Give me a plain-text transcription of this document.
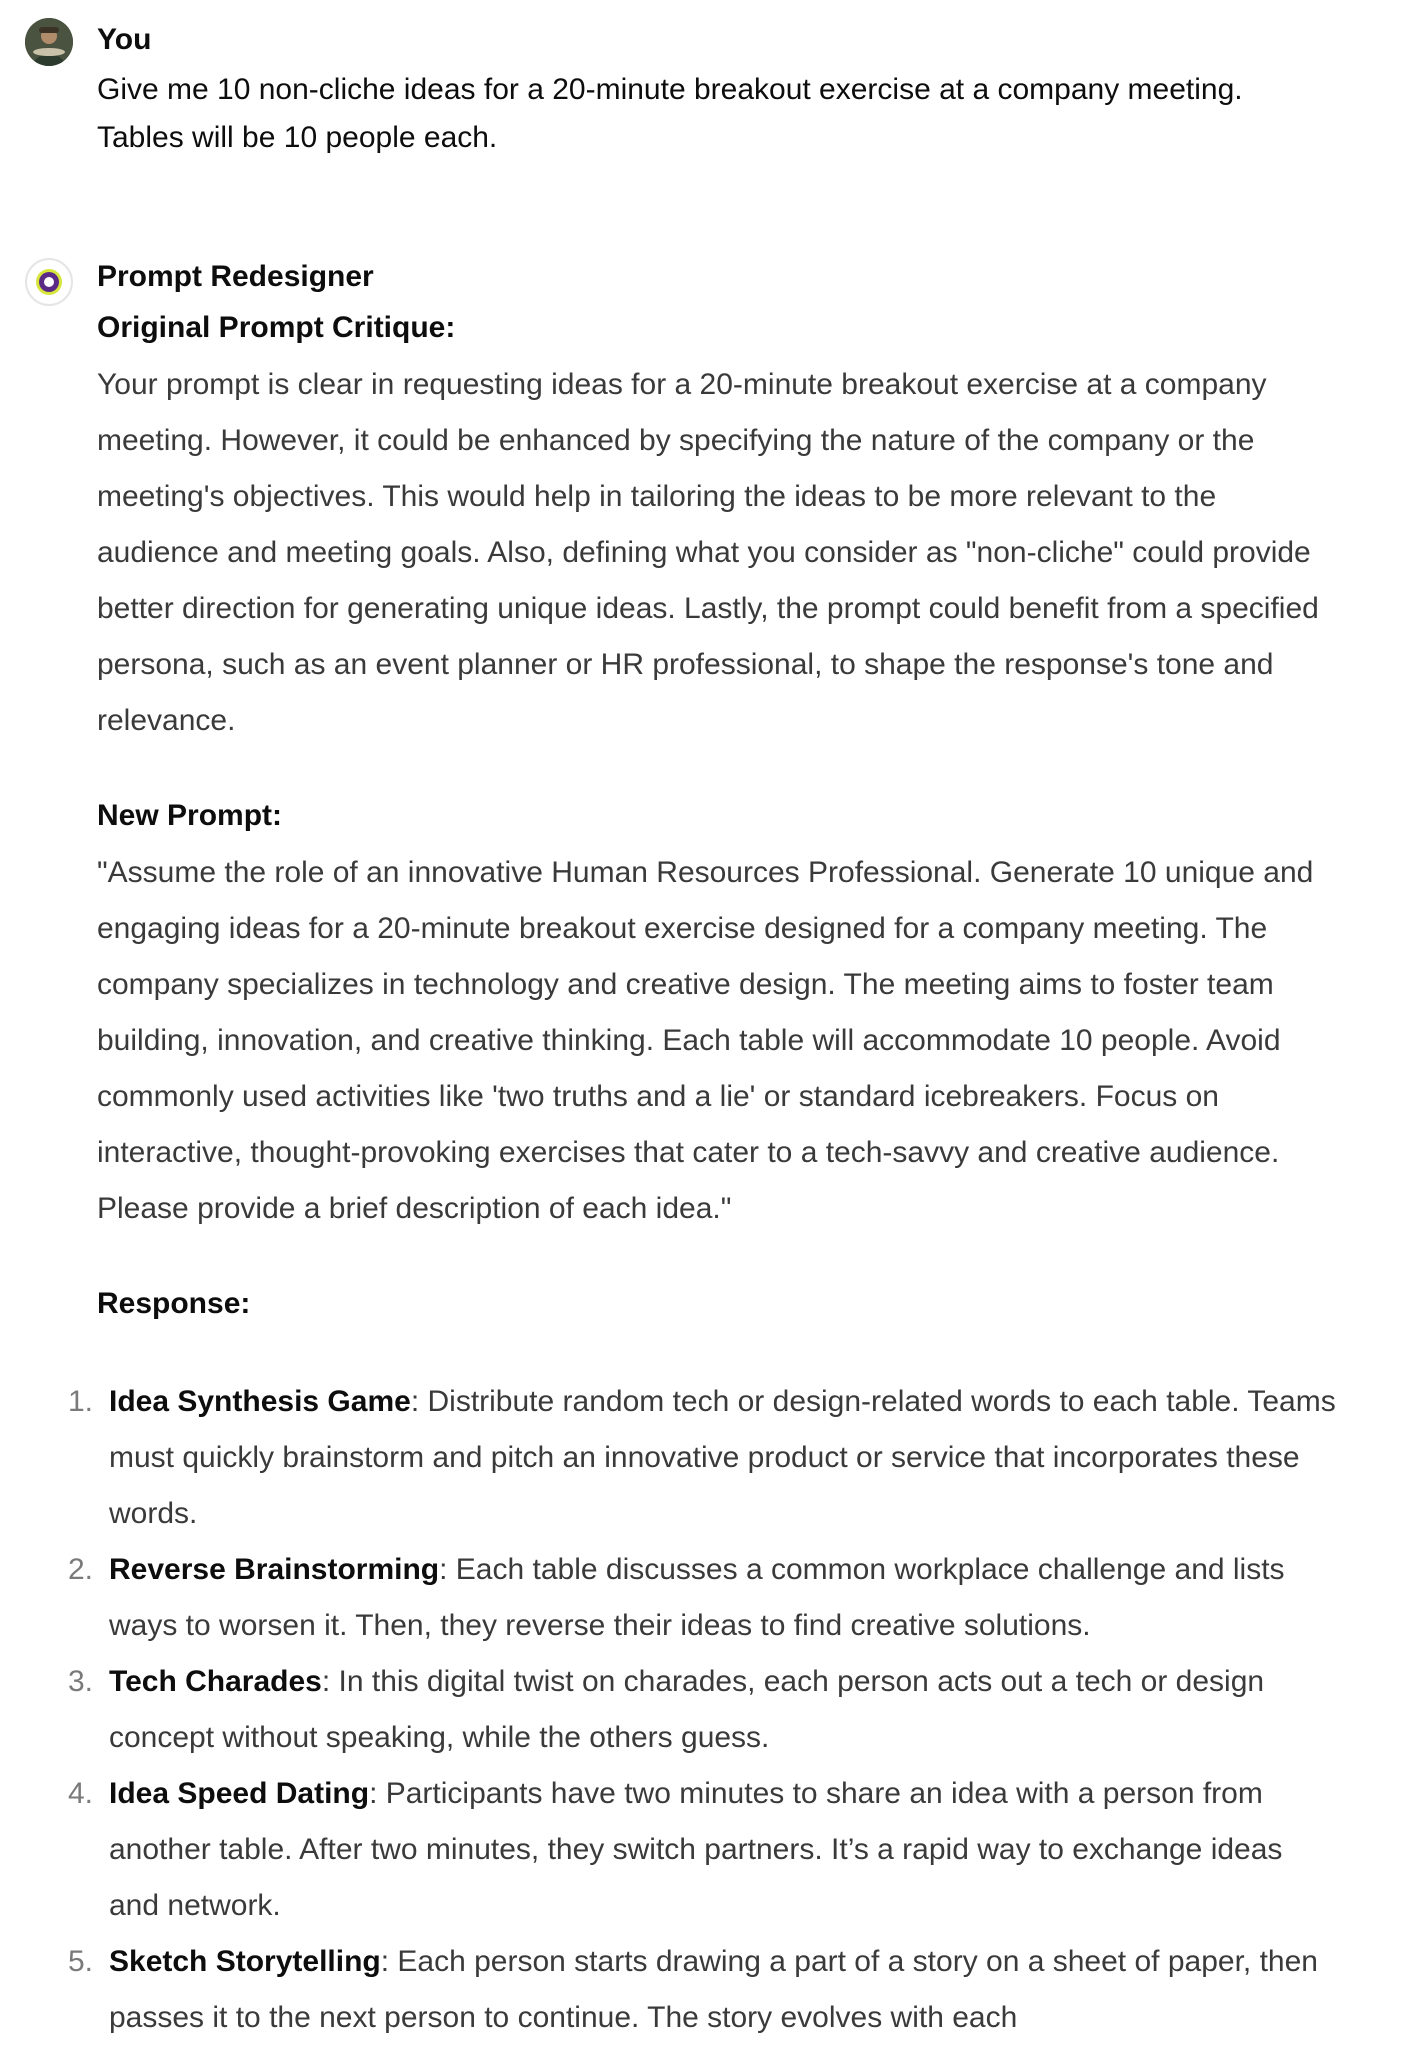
You
Give me 10 non-cliche ideas for a 20-minute breakout exercise at a company meeting. Tables will be 10 people each.
Prompt Redesigner
Original Prompt Critique:
Your prompt is clear in requesting ideas for a 20-minute breakout exercise at a company meeting. However, it could be enhanced by specifying the nature of the company or the meeting's objectives. This would help in tailoring the ideas to be more relevant to the audience and meeting goals. Also, defining what you consider as "non-cliche" could provide better direction for generating unique ideas. Lastly, the prompt could benefit from a specified persona, such as an event planner or HR professional, to shape the response's tone and relevance.
New Prompt:
"Assume the role of an innovative Human Resources Professional. Generate 10 unique and engaging ideas for a 20-minute breakout exercise designed for a company meeting. The company specializes in technology and creative design. The meeting aims to foster team building, innovation, and creative thinking. Each table will accommodate 10 people. Avoid commonly used activities like 'two truths and a lie' or standard icebreakers. Focus on interactive, thought-provoking exercises that cater to a tech-savvy and creative audience. Please provide a brief description of each idea."
Response:
1. Idea Synthesis Game: Distribute random tech or design-related words to each table. Teams must quickly brainstorm and pitch an innovative product or service that incorporates these words.
2. Reverse Brainstorming: Each table discusses a common workplace challenge and lists ways to worsen it. Then, they reverse their ideas to find creative solutions.
3. Tech Charades: In this digital twist on charades, each person acts out a tech or design concept without speaking, while the others guess.
4. Idea Speed Dating: Participants have two minutes to share an idea with a person from another table. After two minutes, they switch partners. It’s a rapid way to exchange ideas and network.
5. Sketch Storytelling: Each person starts drawing a part of a story on a sheet of paper, then passes it to the next person to continue. The story evolves with each
